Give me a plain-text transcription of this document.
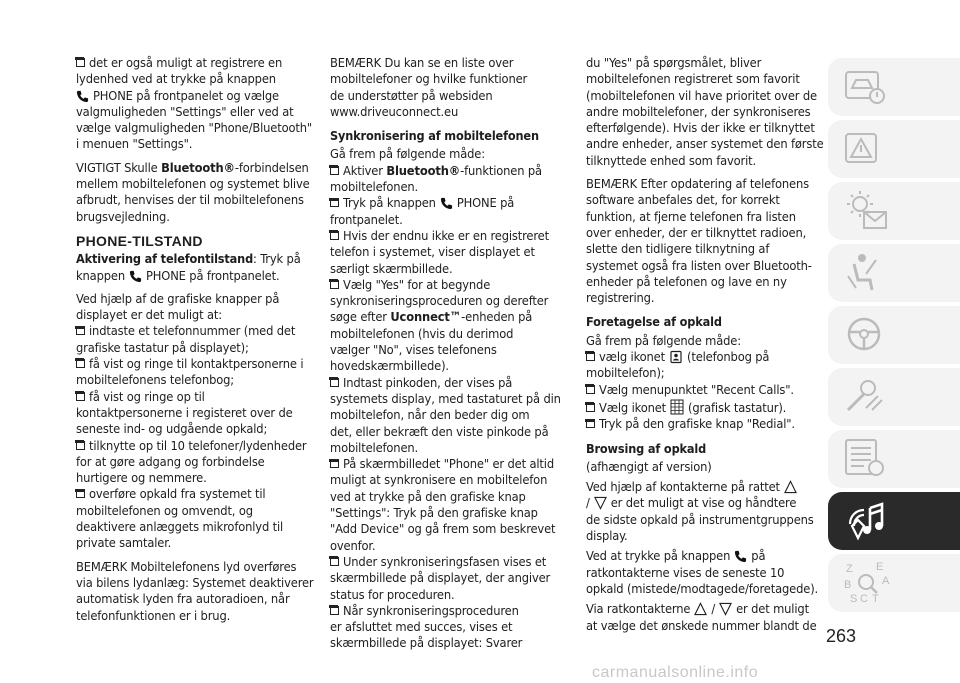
det er også muligt at registrere en
lydenhed ved at trykke på knappen
PHONE på frontpanelet og vælge
valgmuligheden "Settings" eller ved at
vælge valgmuligheden "Phone/Bluetooth"
i menuen "Settings".
VIGTIGT Skulle Bluetooth®-forbindelsen
mellem mobiltelefonen og systemet blive
afbrudt, henvises der til mobiltelefonens
brugsvejledning.
PHONE-TILSTAND
Aktivering af telefontilstand: Tryk på
knappen PHONE på frontpanelet.
Ved hjælp af de grafiske knapper på
displayet er det muligt at:
indtaste et telefonnummer (med det
grafiske tastatur på displayet);
få vist og ringe til kontaktpersonerne i
mobiltelefonens telefonbog;
få vist og ringe op til
kontaktpersonerne i registeret over de
seneste ind- og udgående opkald;
tilknytte op til 10 telefoner/lydenheder
for at gøre adgang og forbindelse
hurtigere og nemmere.
overføre opkald fra systemet til
mobiltelefonen og omvendt, og
deaktivere anlæggets mikrofonlyd til
private samtaler.
BEMÆRK Mobiltelefonens lyd overføres
via bilens lydanlæg: Systemet deaktiverer
automatisk lyden fra autoradioen, når
telefonfunktionen er i brug.
BEMÆRK Du kan se en liste over
mobiltelefoner og hvilke funktioner
de understøtter på websiden
www.driveuconnect.eu
Synkronisering af mobiltelefonen
Gå frem på følgende måde:
Aktiver Bluetooth®-funktionen på
mobiltelefonen.
Tryk på knappen PHONE på
frontpanelet.
Hvis der endnu ikke er en registreret
telefon i systemet, viser displayet et
særligt skærmbillede.
Vælg "Yes" for at begynde
synkroniseringsproceduren og derefter
søge efter Uconnect™-enheden på
mobiltelefonen (hvis du derimod
vælger "No", vises telefonens
hovedskærmbillede).
Indtast pinkoden, der vises på
systemets display, med tastaturet på din
mobiltelefon, når den beder dig om
det, eller bekræft den viste pinkode på
mobiltelefonen.
På skærmbilledet "Phone" er det altid
muligt at synkronisere en mobiltelefon
ved at trykke på den grafiske knap
"Settings": Tryk på den grafiske knap
"Add Device" og gå frem som beskrevet
ovenfor.
Under synkroniseringsfasen vises et
skærmbillede på displayet, der angiver
status for proceduren.
Når synkroniseringsproceduren
er afsluttet med succes, vises et
skærmbillede på displayet: Svarer
du "Yes" på spørgsmålet, bliver
mobiltelefonen registreret som favorit
(mobiltelefonen vil have prioritet over de
andre mobiltelefoner, der synkroniseres
efterfølgende). Hvis der ikke er tilknyttet
andre enheder, anser systemet den første
tilknyttede enhed som favorit.
BEMÆRK Efter opdatering af telefonens
software anbefales det, for korrekt
funktion, at fjerne telefonen fra listen
over enheder, der er tilknyttet radioen,
slette den tidligere tilknytning af
systemet også fra listen over Bluetooth-
enheder på telefonen og lave en ny
registrering.
Foretagelse af opkald
Gå frem på følgende måde:
vælg ikonet (telefonbog på
mobiltelefon);
Vælg menupunktet "Recent Calls".
Vælg ikonet (grafisk tastatur).
Tryk på den grafiske knap "Redial".
Browsing af opkald
(afhængigt af version)
Ved hjælp af kontakterne på rattet
/ er det muligt at vise og håndtere
de sidste opkald på instrumentgruppens
display.
Ved at trykke på knappen på
ratkontakterne vises de seneste 10
opkald (mistede/modtagede/foretagede).
Via ratkontakterne / er det muligt
at vælge det ønskede nummer blandt de
Z E
B	A
C T
S
263
carmanualsonline.info
